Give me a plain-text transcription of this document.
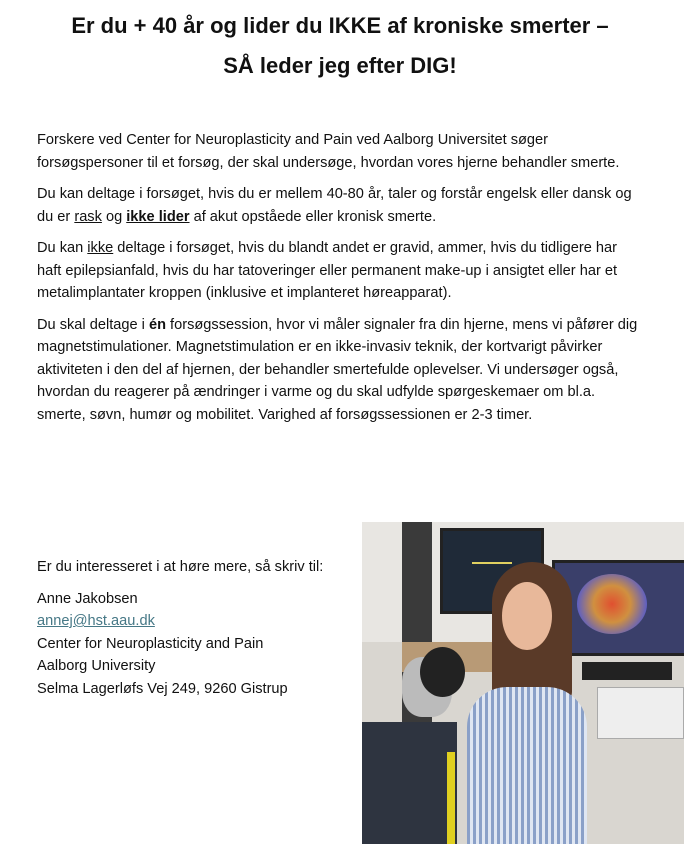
Er du + 40 år og lider du IKKE af kroniske smerter –
SÅ leder jeg efter DIG!

Forskere ved Center for Neuroplasticity and Pain ved Aalborg Universitet søger forsøgspersoner til et forsøg, der skal undersøge, hvordan vores hjerne behandler smerte.

Du kan deltage i forsøget, hvis du er mellem 40-80 år, taler og forstår engelsk eller dansk og du er rask og ikke lider af akut opståede eller kronisk smerte.

Du kan ikke deltage i forsøget, hvis du blandt andet er gravid, ammer, hvis du tidligere har haft epilepsianfald, hvis du har tatoveringer eller permanent make-up i ansigtet eller har et metalimplantater kroppen (inklusive et implanteret høreapparat).

Du skal deltage i én forsøgssession, hvor vi måler signaler fra din hjerne, mens vi påfører dig magnetstimulationer. Magnetstimulation er en ikke-invasiv teknik, der kortvarigt påvirker aktiviteten i den del af hjernen, der behandler smertefulde oplevelser. Vi undersøger også, hvordan du reagerer på ændringer i varme og du skal udfylde spørgeskemaer om bl.a. smerte, søvn, humør og mobilitet. Varighed af forsøgssessionen er 2-3 timer.

Er du interesseret i at høre mere, så skriv til:

Anne Jakobsen
annej@hst.aau.dk
Center for Neuroplasticity and Pain
Aalborg University
Selma Lagerløfs Vej 249, 9260 Gistrup
